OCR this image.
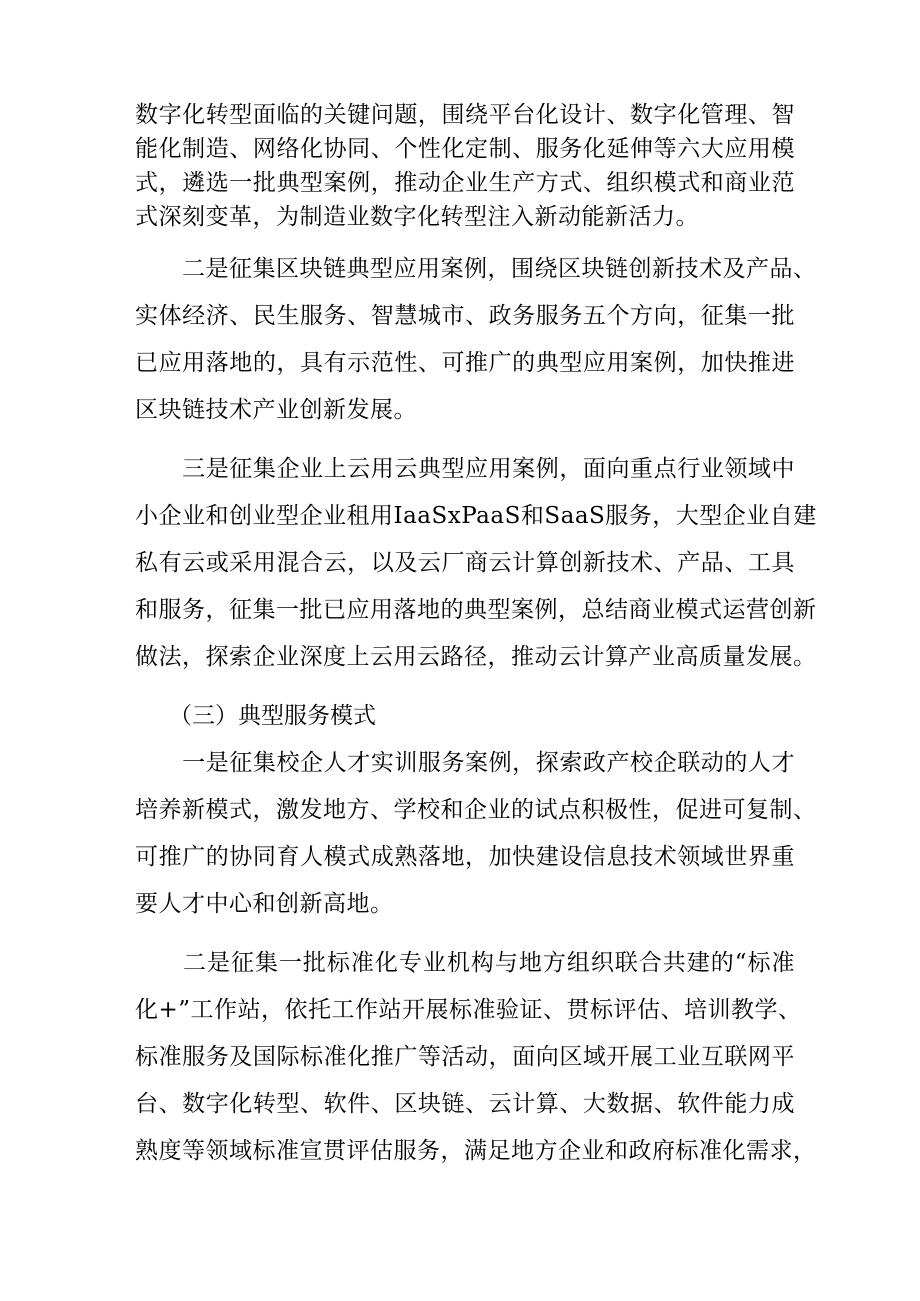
数字化转型面临的关键问题，围绕平台化设计、数字化管理、智
能化制造、网络化协同、个性化定制、服务化延伸等六大应用模
式，遴选一批典型案例，推动企业生产方式、组织模式和商业范
式深刻变革，为制造业数字化转型注入新动能新活力。
　　二是征集区块链典型应用案例，围绕区块链创新技术及产品、
实体经济、民生服务、智慧城市、政务服务五个方向，征集一批
已应用落地的，具有示范性、可推广的典型应用案例，加快推进
区块链技术产业创新发展。
　　三是征集企业上云用云典型应用案例，面向重点行业领域中
小企业和创业型企业租用IaaSxPaaS和SaaS服务，大型企业自建
私有云或采用混合云，以及云厂商云计算创新技术、产品、工具
和服务，征集一批已应用落地的典型案例，总结商业模式运营创新
做法，探索企业深度上云用云路径，推动云计算产业高质量发展。
（三）典型服务模式
　　一是征集校企人才实训服务案例，探索政产校企联动的人才
培养新模式，激发地方、学校和企业的试点积极性，促进可复制、
可推广的协同育人模式成熟落地，加快建设信息技术领域世界重
要人才中心和创新高地。
　　二是征集一批标准化专业机构与地方组织联合共建的“标准
化+”工作站，依托工作站开展标准验证、贯标评估、培训教学、
标准服务及国际标准化推广等活动，面向区域开展工业互联网平
台、数字化转型、软件、区块链、云计算、大数据、软件能力成
熟度等领域标准宣贯评估服务，满足地方企业和政府标准化需求，
